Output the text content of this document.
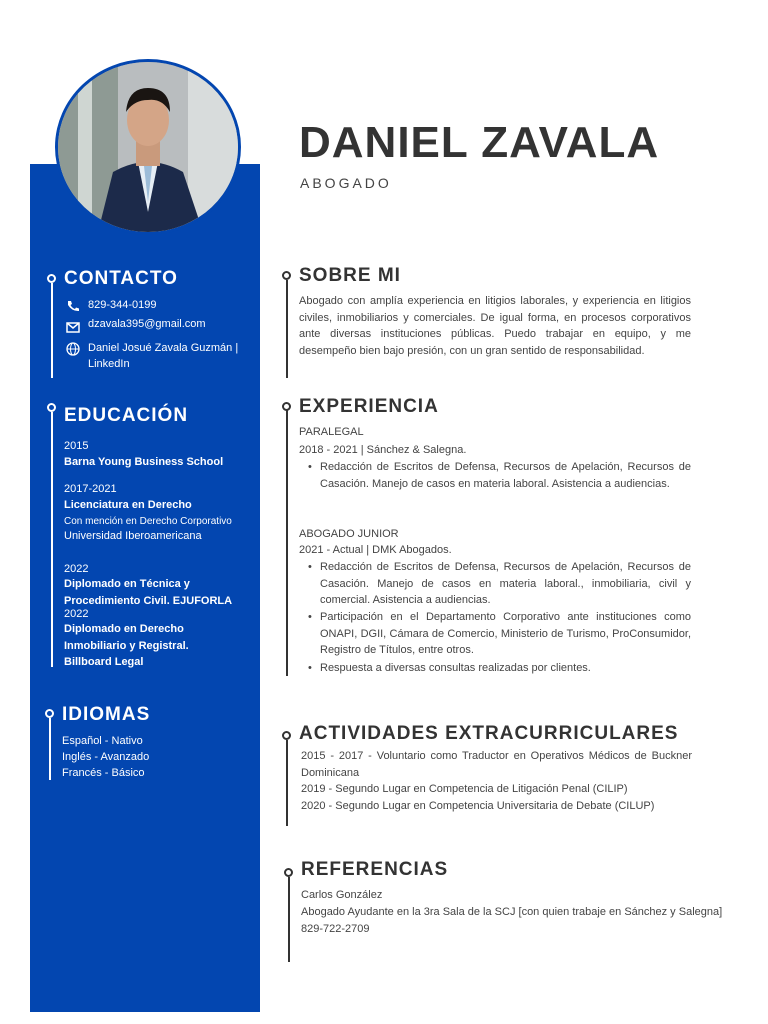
DANIEL ZAVALA
ABOGADO
CONTACTO
829-344-0199
dzavala395@gmail.com
Daniel Josué Zavala Guzmán |
LinkedIn
EDUCACIÓN
2015
Barna Young Business School
2017-2021
Licenciatura en Derecho
Con mención en Derecho Corporativo
Universidad Iberoamericana
2022
Diplomado en Técnica y
Procedimiento Civil. EJUFORLA
2022
Diplomado en Derecho
Inmobiliario y Registral.
Billboard Legal
IDIOMAS
Español - Nativo
Inglés - Avanzado
Francés - Básico
SOBRE MI
Abogado con amplía experiencia en litigios laborales, y experiencia en litigios civiles, inmobiliarios y comerciales. De igual forma, en procesos corporativos ante diversas instituciones públicas. Puedo trabajar en equipo, y me desempeño bien bajo presión, con un gran sentido de responsabilidad.
EXPERIENCIA
PARALEGAL
2018 - 2021 | Sánchez & Salegna.
• Redacción de Escritos de Defensa, Recursos de Apelación, Recursos de Casación. Manejo de casos en materia laboral. Asistencia a audiencias.
ABOGADO JUNIOR
2021 - Actual | DMK Abogados.
• Redacción de Escritos de Defensa, Recursos de Apelación, Recursos de Casación. Manejo de casos en materia laboral., inmobiliaria, civil y comercial. Asistencia a audiencias.
• Participación en el Departamento Corporativo ante instituciones como ONAPI, DGII, Cámara de Comercio, Ministerio de Turismo, ProConsumidor, Registro de Títulos, entre otros.
• Respuesta a diversas consultas realizadas por clientes.
ACTIVIDADES EXTRACURRICULARES
2015 - 2017 - Voluntario como Traductor en Operativos Médicos de Buckner Dominicana
2019 - Segundo Lugar en Competencia de Litigación Penal (CILIP)
2020 - Segundo Lugar en Competencia Universitaria de Debate (CILUP)
REFERENCIAS
Carlos González
Abogado Ayudante en la 3ra Sala de la SCJ [con quien trabaje en Sánchez y Salegna]
829-722-2709
